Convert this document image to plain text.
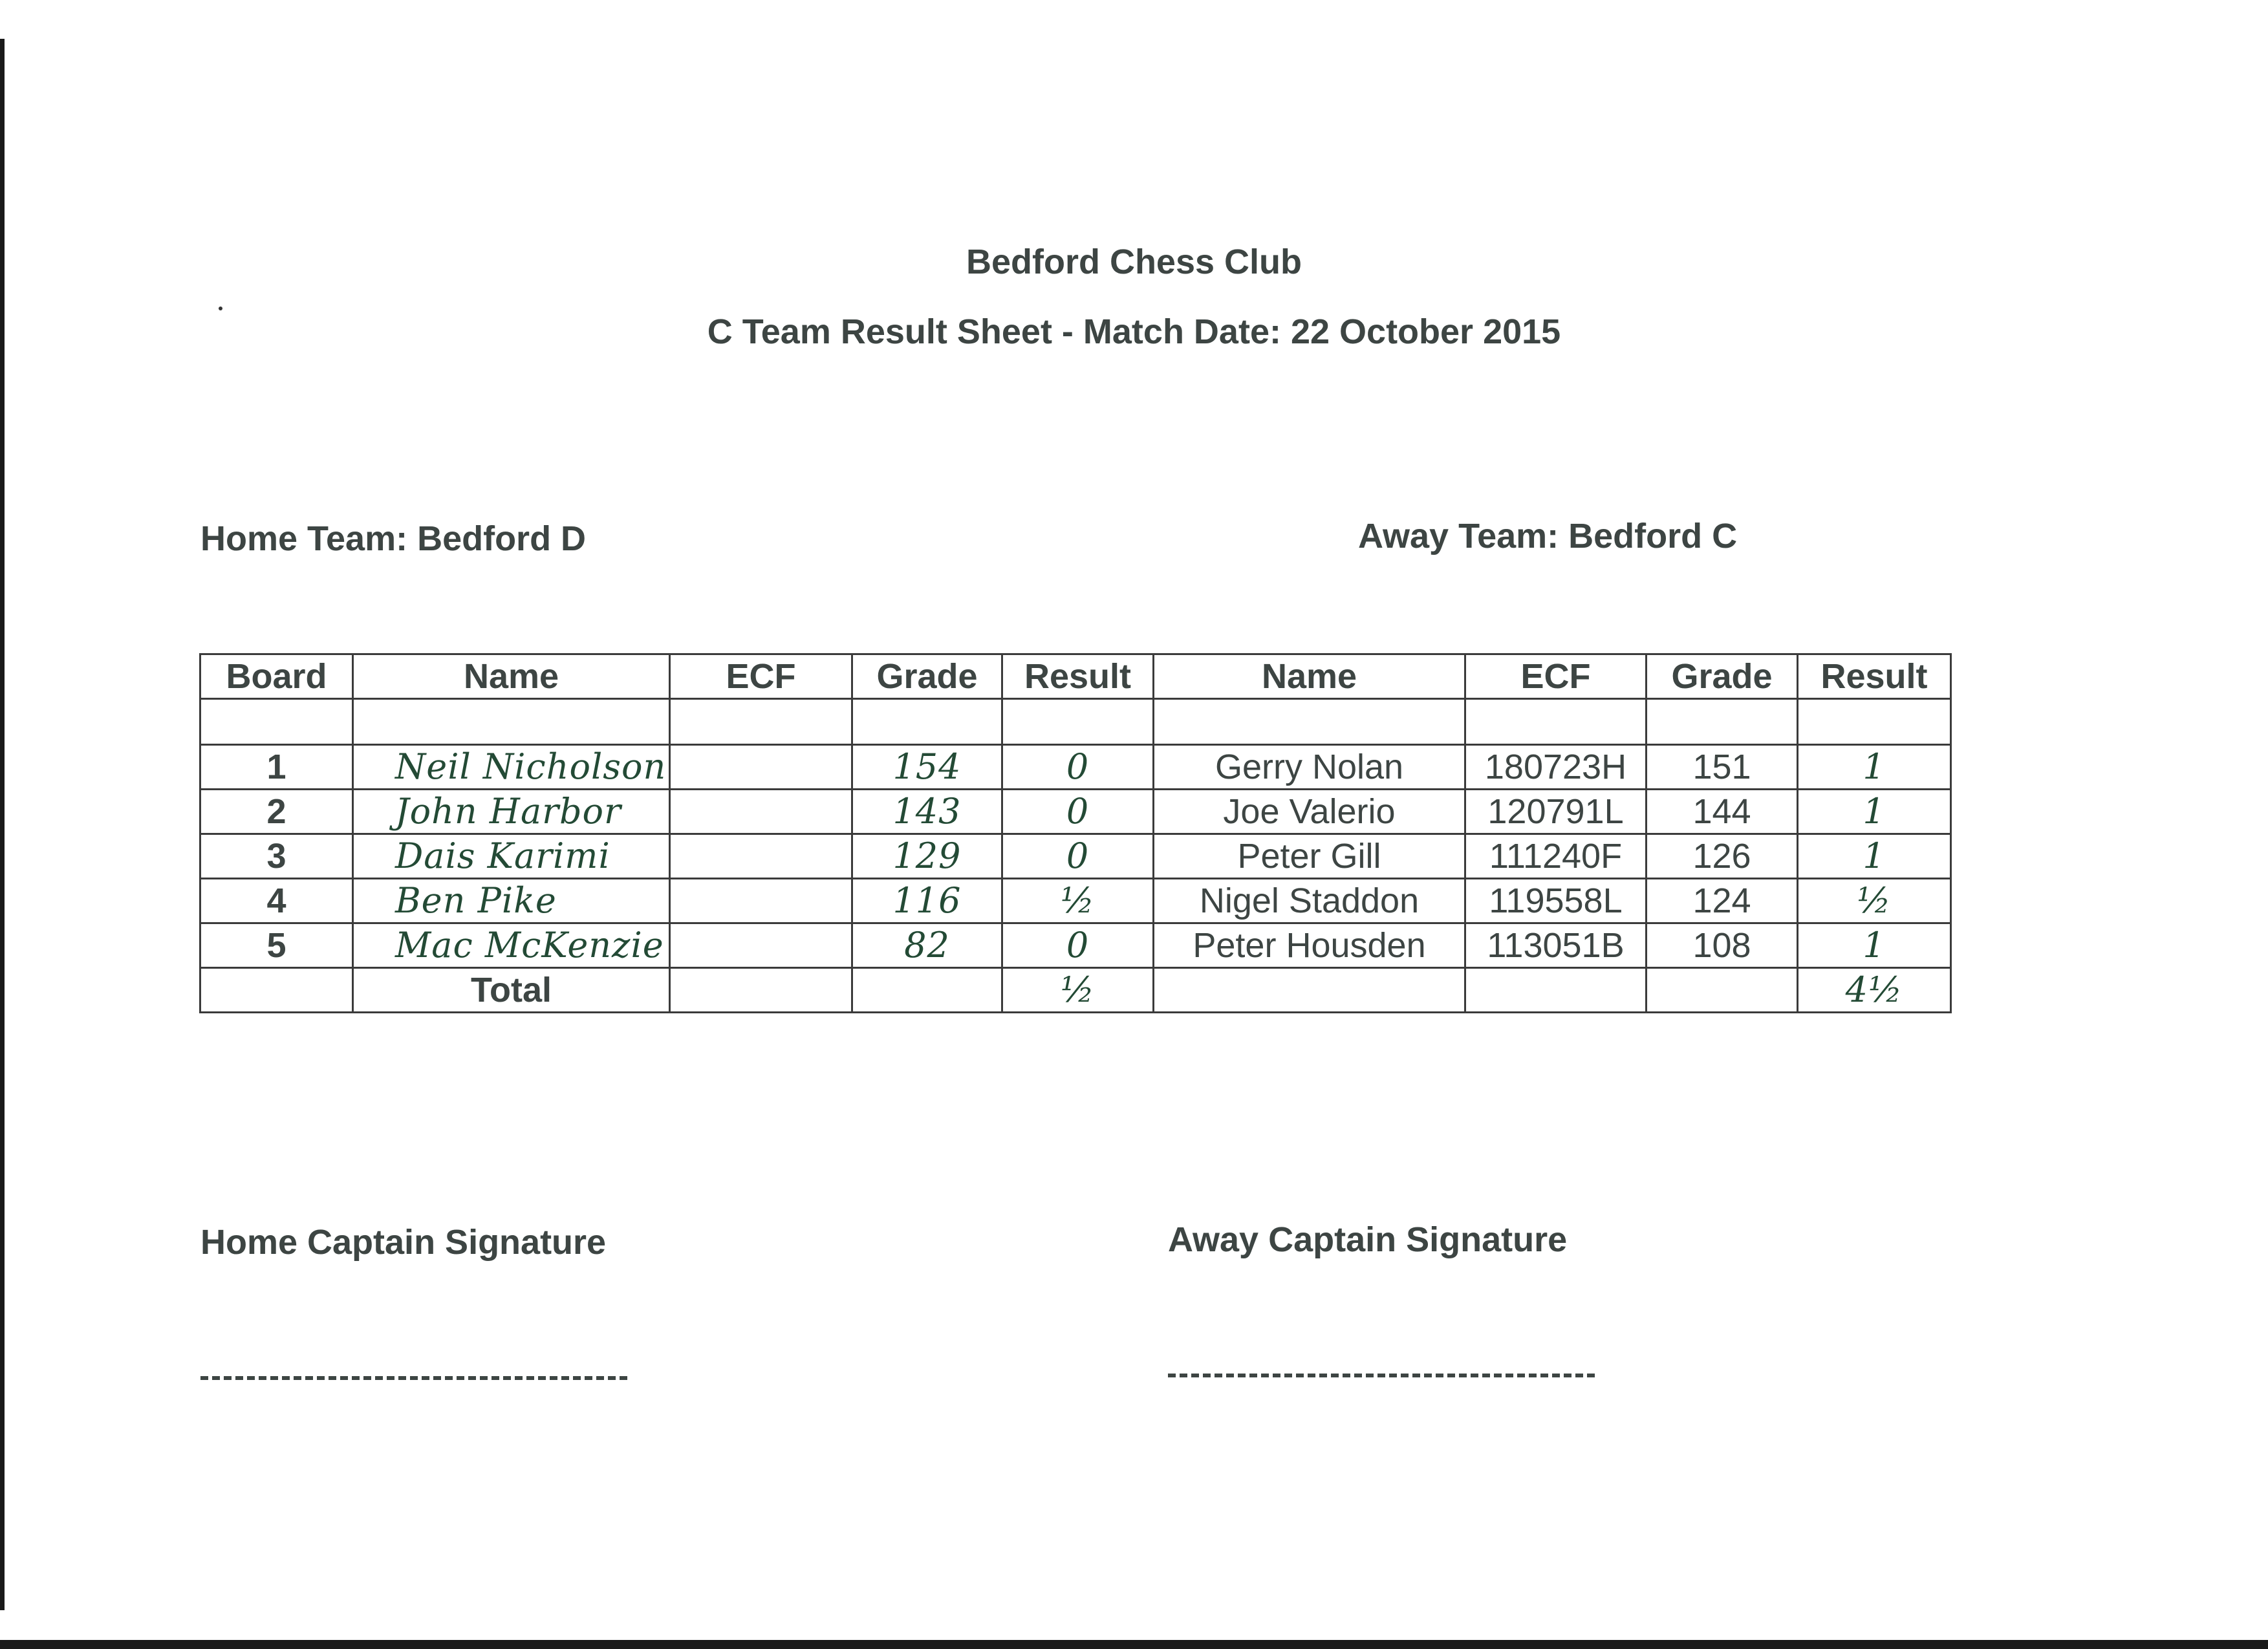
Bedford Chess Club
C Team Result Sheet - Match Date: 22 October 2015
Home Team: Bedford D	Away Team: Bedford C
Board	Name	ECF	Grade	Result	Name	ECF	Grade	Result

1	Neil Nicholson		154	0	Gerry Nolan	180723H	151	1
2	John Harbor		143	0	Joe Valerio	120791L	144	1
3	Dais Karimi		129	0	Peter Gill	111240F	126	1
4	Ben Pike		116	½	Nigel Staddon	119558L	124	½
5	Mac McKenzie		82	0	Peter Housden	113051B	108	1
	Total			½				4½
Home Captain Signature	Away Captain Signature
